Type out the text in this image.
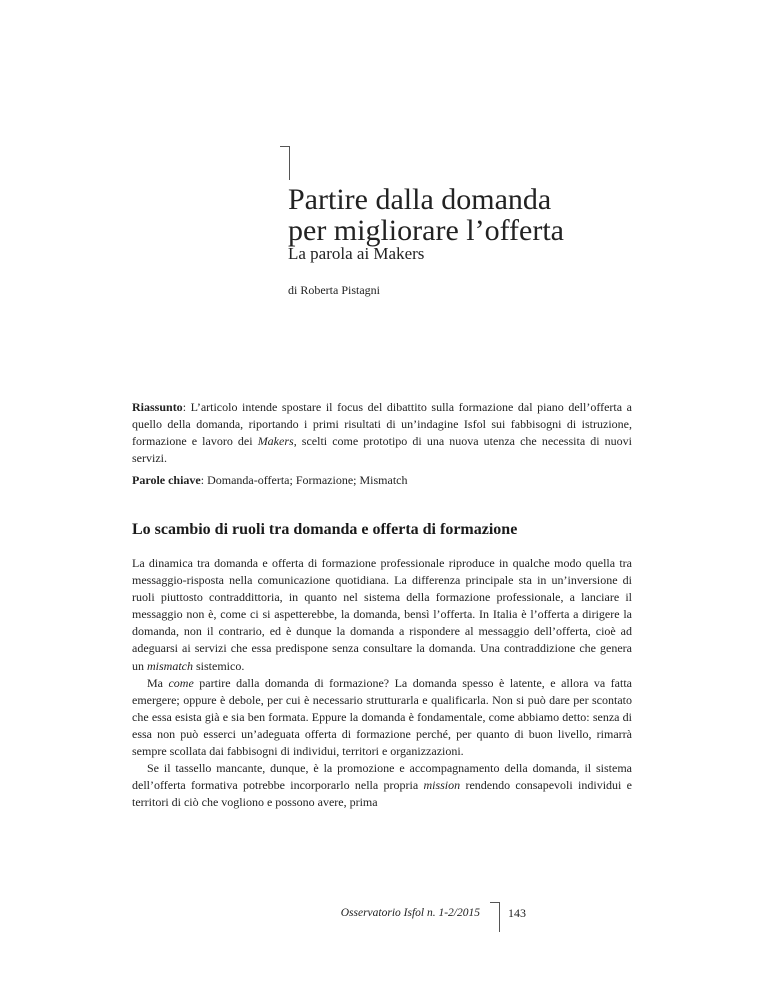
Partire dalla domanda
per migliorare l’offerta
La parola ai Makers

di Roberta Pistagni

Riassunto: L’articolo intende spostare il focus del dibattito sulla formazione dal piano dell’offerta a quello della domanda, riportando i primi risultati di un’indagine Isfol sui fabbisogni di istruzione, formazione e lavoro dei Makers, scelti come prototipo di una nuova utenza che necessita di nuovi servizi.

Parole chiave: Domanda-offerta; Formazione; Mismatch

Lo scambio di ruoli tra domanda e offerta di formazione

La dinamica tra domanda e offerta di formazione professionale riproduce in qualche modo quella tra messaggio-risposta nella comunicazione quotidiana. La differenza principale sta in un’inversione di ruoli piuttosto contraddittoria, in quanto nel sistema della formazione professionale, a lanciare il messaggio non è, come ci si aspetterebbe, la domanda, bensì l’offerta. In Italia è l’offerta a dirigere la domanda, non il contrario, ed è dunque la domanda a rispondere al messaggio dell’offerta, cioè ad adeguarsi ai servizi che essa predispone senza consultare la domanda. Una contraddizione che genera un mismatch sistemico.

Ma come partire dalla domanda di formazione? La domanda spesso è latente, e allora va fatta emergere; oppure è debole, per cui è necessario strutturarla e qualificarla. Non si può dare per scontato che essa esista già e sia ben formata. Eppure la domanda è fondamentale, come abbiamo detto: senza di essa non può esserci un’adeguata offerta di formazione perché, per quanto di buon livello, rimarrà sempre scollata dai fabbisogni di individui, territori e organizzazioni.

Se il tassello mancante, dunque, è la promozione e accompagnamento della domanda, il sistema dell’offerta formativa potrebbe incorporarlo nella propria mission rendendo consapevoli individui e territori di ciò che vogliono e possono avere, prima

Osservatorio Isfol n. 1-2/2015 143
